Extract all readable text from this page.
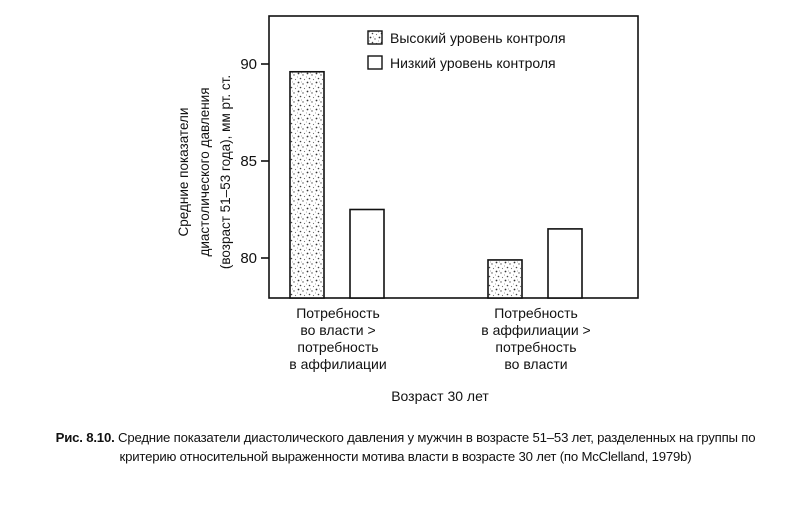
80
85
90
Средние показатели диастолического давления (возраст 51–53 года), мм рт. ст.
Потребность
во власти >
потребность
в аффилиации
Потребность
в аффилиации >
потребность
во власти
Возраст 30 лет
Высокий уровень контроля
Низкий уровень контроля
Рис. 8.10. Средние показатели диастолического давления у мужчин в возрасте 51–53 лет, разделенных на группы по критерию относительной выраженности мотива власти в возрасте 30 лет (по McClelland, 1979b)
